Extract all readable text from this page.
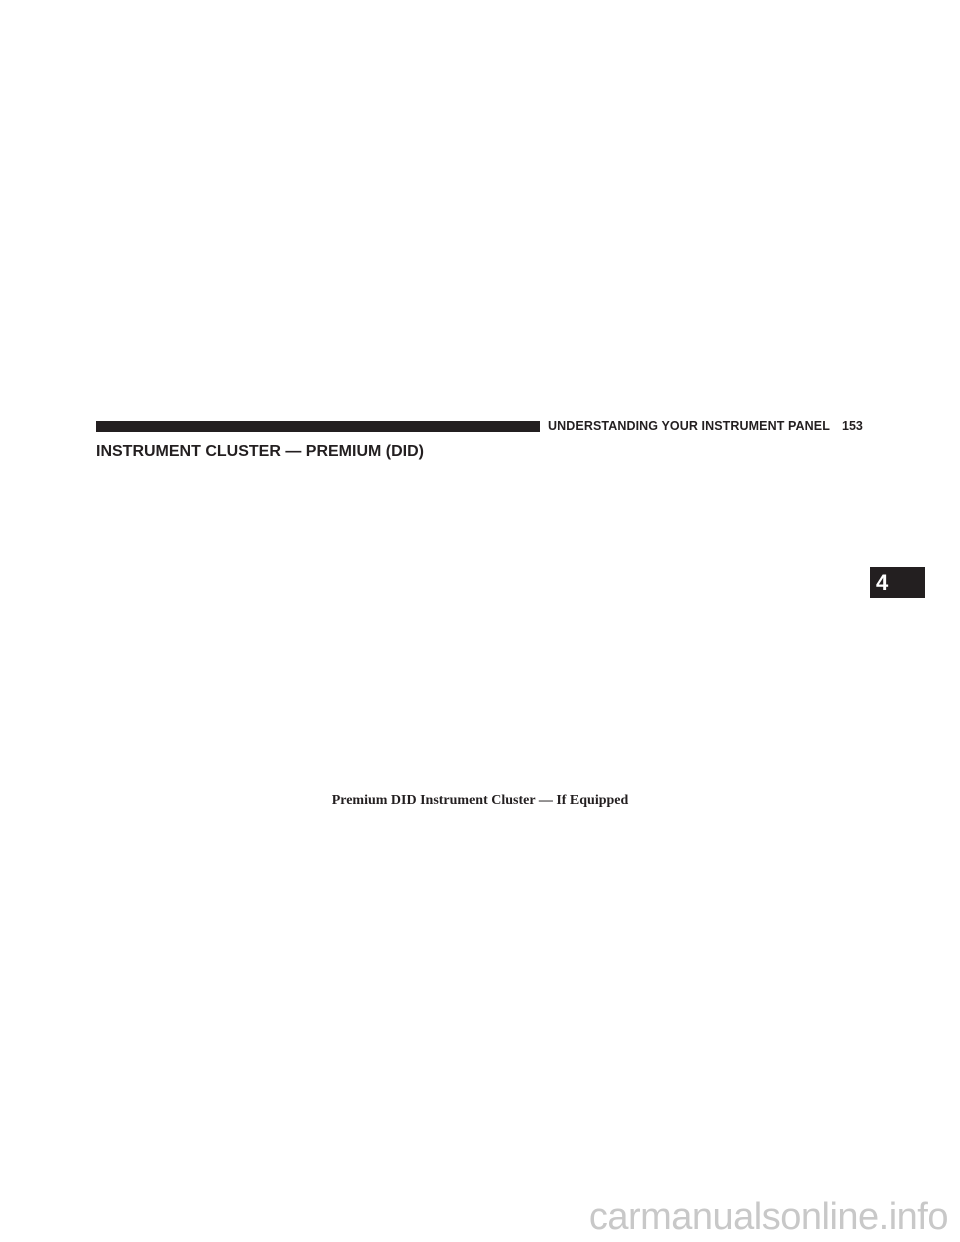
UNDERSTANDING YOUR INSTRUMENT PANEL 153
INSTRUMENT CLUSTER — PREMIUM (DID)
Premium DID Instrument Cluster — If Equipped
4
carmanualsonline.info
